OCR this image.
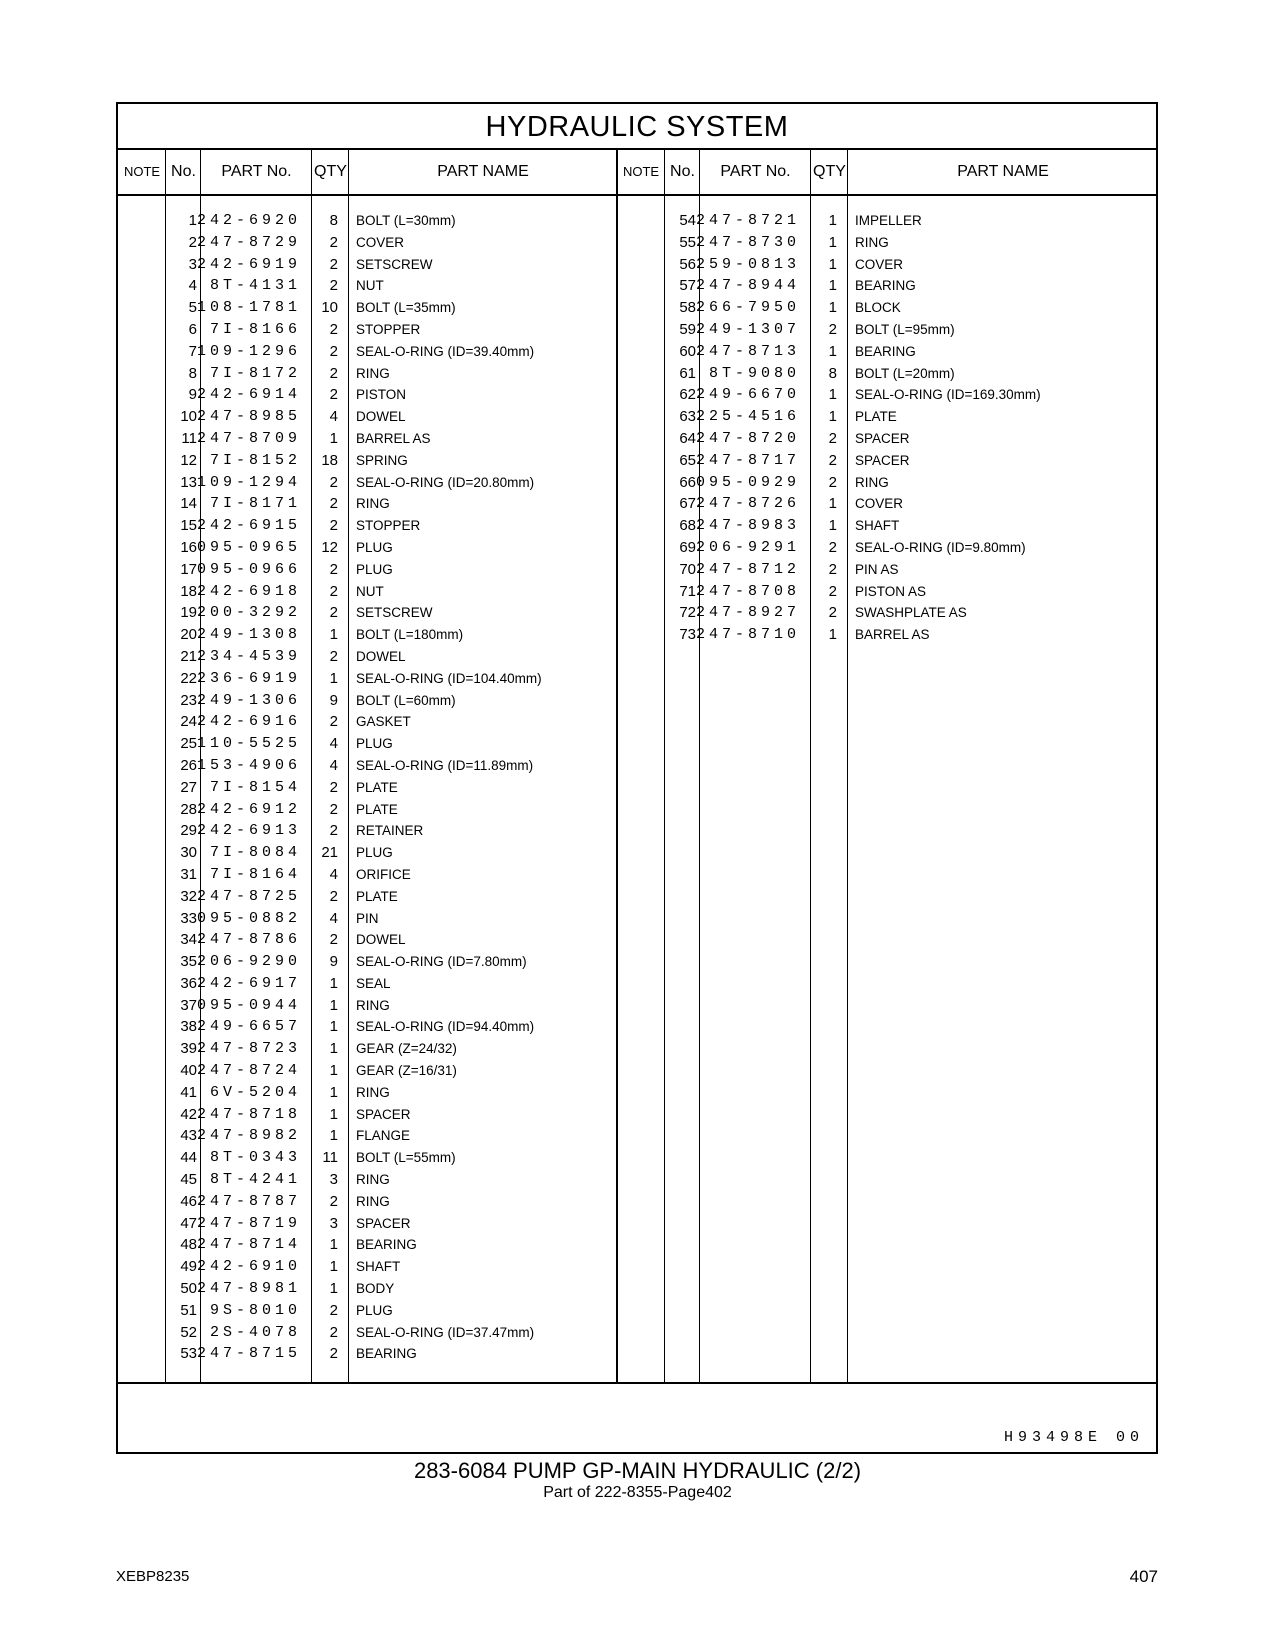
HYDRAULIC SYSTEM
NOTE No.	PART No.	QTY	PART NAME	NOTE No.	PART No.	QTY	PART NAME
1 242-6920	8 BOLT (L=30mm)
2 247-8729	2 COVER
3 242-6919	2 SETSCREW
4 8T-4131	2 NUT
5 108-1781	10 BOLT (L=35mm)
6 7I-8166	2 STOPPER
7 109-1296	2 SEAL-O-RING (ID=39.40mm)
8 7I-8172	2 RING
9 242-6914	2 PISTON
10 247-8985	4 DOWEL
11 247-8709	1 BARREL AS
12 7I-8152	18 SPRING
13 109-1294	2 SEAL-O-RING (ID=20.80mm)
14 7I-8171	2 RING
15 242-6915	2 STOPPER
16 095-0965	12 PLUG
17 095-0966	2 PLUG
18 242-6918	2 NUT
19 200-3292	2 SETSCREW
20 249-1308	1 BOLT (L=180mm)
21 234-4539	2 DOWEL
22 236-6919	1 SEAL-O-RING (ID=104.40mm)
23 249-1306	9 BOLT (L=60mm)
24 242-6916	2 GASKET
25 110-5525	4 PLUG
26 153-4906	4 SEAL-O-RING (ID=11.89mm)
27 7I-8154	2 PLATE
28 242-6912	2 PLATE
29 242-6913	2 RETAINER
30 7I-8084	21 PLUG
31 7I-8164	4 ORIFICE
32 247-8725	2 PLATE
33 095-0882	4 PIN
34 247-8786	2 DOWEL
35 206-9290	9 SEAL-O-RING (ID=7.80mm)
36 242-6917	1 SEAL
37 095-0944	1 RING
38 249-6657	1 SEAL-O-RING (ID=94.40mm)
39 247-8723	1 GEAR (Z=24/32)
40 247-8724	1 GEAR (Z=16/31)
41 6V-5204	1 RING
42 247-8718	1 SPACER
43 247-8982	1 FLANGE
44 8T-0343	11 BOLT (L=55mm)
45 8T-4241	3 RING
46 247-8787	2 RING
47 247-8719	3 SPACER
48 247-8714	1 BEARING
49 242-6910	1 SHAFT
50 247-8981	1 BODY
51 9S-8010	2 PLUG
52 2S-4078	2 SEAL-O-RING (ID=37.47mm)
53 247-8715	2 BEARING
54 247-8721	1 IMPELLER
55 247-8730	1 RING
56 259-0813	1 COVER
57 247-8944	1 BEARING
58 266-7950	1 BLOCK
59 249-1307	2 BOLT (L=95mm)
60 247-8713	1 BEARING
61 8T-9080	8 BOLT (L=20mm)
62 249-6670	1 SEAL-O-RING (ID=169.30mm)
63 225-4516	1 PLATE
64 247-8720	2 SPACER
65 247-8717	2 SPACER
66 095-0929	2 RING
67 247-8726	1 COVER
68 247-8983	1 SHAFT
69 206-9291	2 SEAL-O-RING (ID=9.80mm)
70 247-8712	2 PIN AS
71 247-8708	2 PISTON AS
72 247-8927	2 SWASHPLATE AS
73 247-8710	1 BARREL AS
H93498E 00
283-6084 PUMP GP-MAIN HYDRAULIC (2/2)
Part of 222-8355-Page402
XEBP8235	407
